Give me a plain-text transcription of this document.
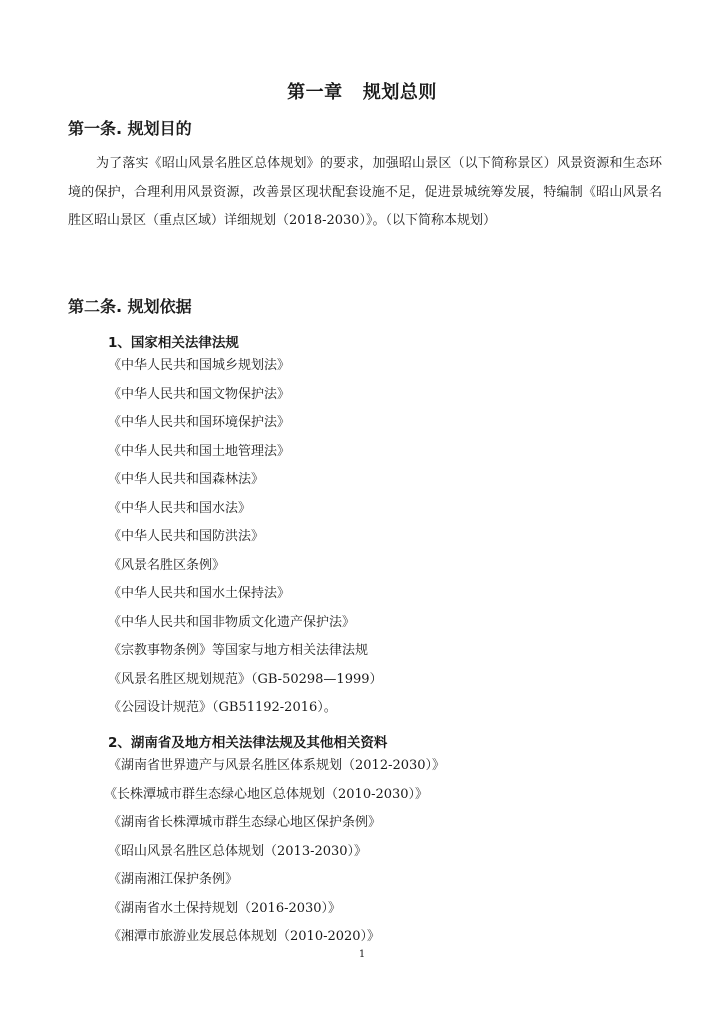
第一章   规划总则
第一条. 规划目的

为了落实《昭山风景名胜区总体规划》的要求，加强昭山景区（以下简称景区）风景资源和生态环境的保护，合理利用风景资源，改善景区现状配套设施不足，促进景城统筹发展，特编制《昭山风景名胜区昭山景区（重点区域）详细规划（2018-2030）》。（以下简称本规划）

第二条. 规划依据
1、国家相关法律法规
《中华人民共和国城乡规划法》
《中华人民共和国文物保护法》
《中华人民共和国环境保护法》
《中华人民共和国土地管理法》
《中华人民共和国森林法》
《中华人民共和国水法》
《中华人民共和国防洪法》
《风景名胜区条例》
《中华人民共和国水土保持法》
《中华人民共和国非物质文化遗产保护法》
《宗教事物条例》等国家与地方相关法律法规
《风景名胜区规划规范》（GB-50298—1999）
《公园设计规范》（GB51192-2016）。
2、湖南省及地方相关法律法规及其他相关资料
《湖南省世界遗产与风景名胜区体系规划（2012-2030）》
《长株潭城市群生态绿心地区总体规划（2010-2030）》
《湖南省长株潭城市群生态绿心地区保护条例》
《昭山风景名胜区总体规划（2013-2030）》
《湖南湘江保护条例》
《湖南省水土保持规划（2016-2030）》
《湘潭市旅游业发展总体规划（2010-2020）》
1
